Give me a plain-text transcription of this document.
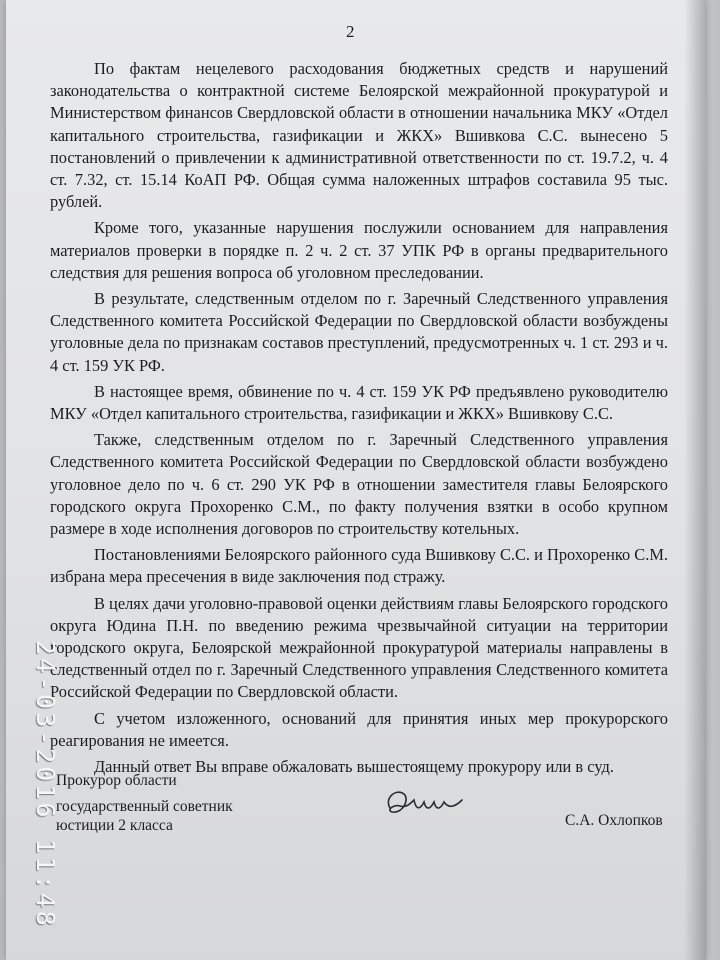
2

По фактам нецелевого расходования бюджетных средств и нарушений законодательства о контрактной системе Белоярской межрайонной прокуратурой и Министерством финансов Свердловской области в отношении начальника МКУ «Отдел капитального строительства, газификации и ЖКХ» Вшивкова С.С. вынесено 5 постановлений о привлечении к административной ответственности по ст. 19.7.2, ч. 4 ст. 7.32, ст. 15.14 КоАП РФ. Общая сумма наложенных штрафов составила 95 тыс. рублей.

Кроме того, указанные нарушения послужили основанием для направления материалов проверки в порядке п. 2 ч. 2 ст. 37 УПК РФ в органы предварительного следствия для решения вопроса об уголовном преследовании.

В результате, следственным отделом по г. Заречный Следственного управления Следственного комитета Российской Федерации по Свердловской области возбуждены уголовные дела по признакам составов преступлений, предусмотренных ч. 1 ст. 293 и ч. 4 ст. 159 УК РФ.

В настоящее время, обвинение по ч. 4 ст. 159 УК РФ предъявлено руководителю МКУ «Отдел капитального строительства, газификации и ЖКХ» Вшивкову С.С.

Также, следственным отделом по г. Заречный Следственного управления Следственного комитета Российской Федерации по Свердловской области возбуждено уголовное дело по ч. 6 ст. 290 УК РФ в отношении заместителя главы Белоярского городского округа Прохоренко С.М., по факту получения взятки в особо крупном размере в ходе исполнения договоров по строительству котельных.

Постановлениями Белоярского районного суда Вшивкову С.С. и Прохоренко С.М. избрана мера пресечения в виде заключения под стражу.

В целях дачи уголовно-правовой оценки действиям главы Белоярского городского округа Юдина П.Н. по введению режима чрезвычайной ситуации на территории городского округа, Белоярской межрайонной прокуратурой материалы направлены в следственный отдел по г. Заречный Следственного управления Следственного комитета Российской Федерации по Свердловской области.

С учетом изложенного, оснований для принятия иных мер прокурорского реагирования не имеется.

Данный ответ Вы вправе обжаловать вышестоящему прокурору или в суд.

Прокурор области
государственный советник
юстиции 2 класса	С.А. Охлопков
24-03-2016 11:48
